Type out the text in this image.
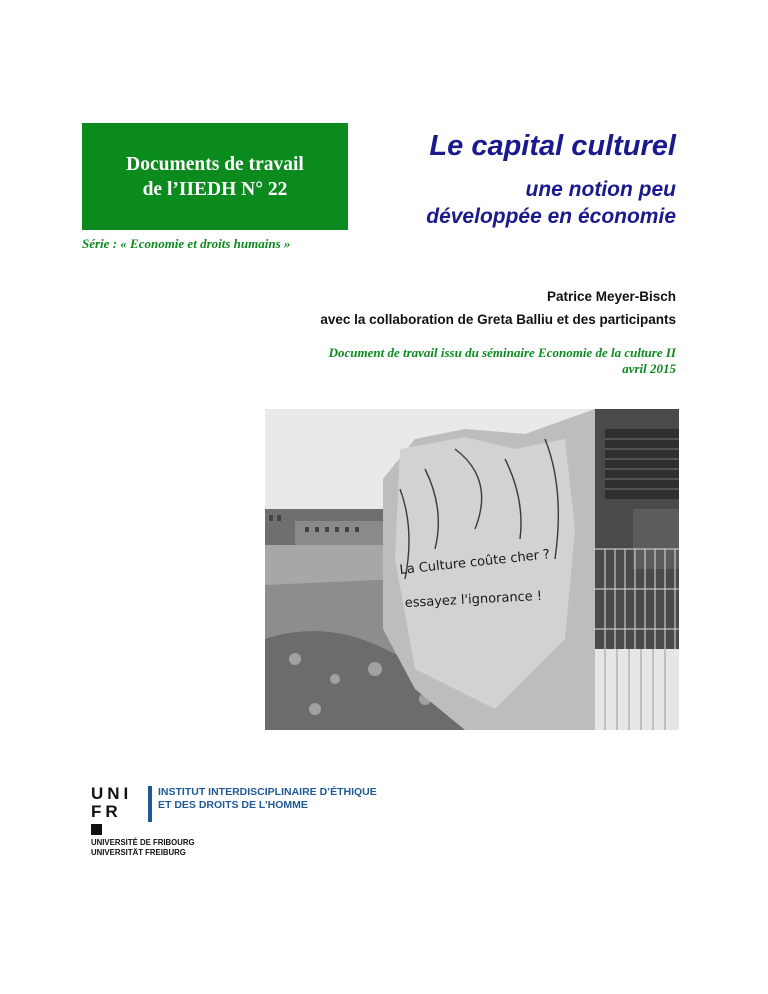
Documents de travail
de l’IIEDH N° 22
Le capital culturel
une notion peu
développée en économie
Série : « Economie et droits humains »
Patrice Meyer-Bisch
avec la collaboration de Greta Balliu et des participants
Document de travail issu du séminaire Economie de la culture II
avril 2015
La Culture coûte cher ?
essayez l'ignorance !
UNI
FR
UNIVERSITÉ DE FRIBOURG
UNIVERSITÄT FREIBURG
INSTITUT INTERDISCIPLINAIRE D’ÉTHIQUE
ET DES DROITS DE L’HOMME
